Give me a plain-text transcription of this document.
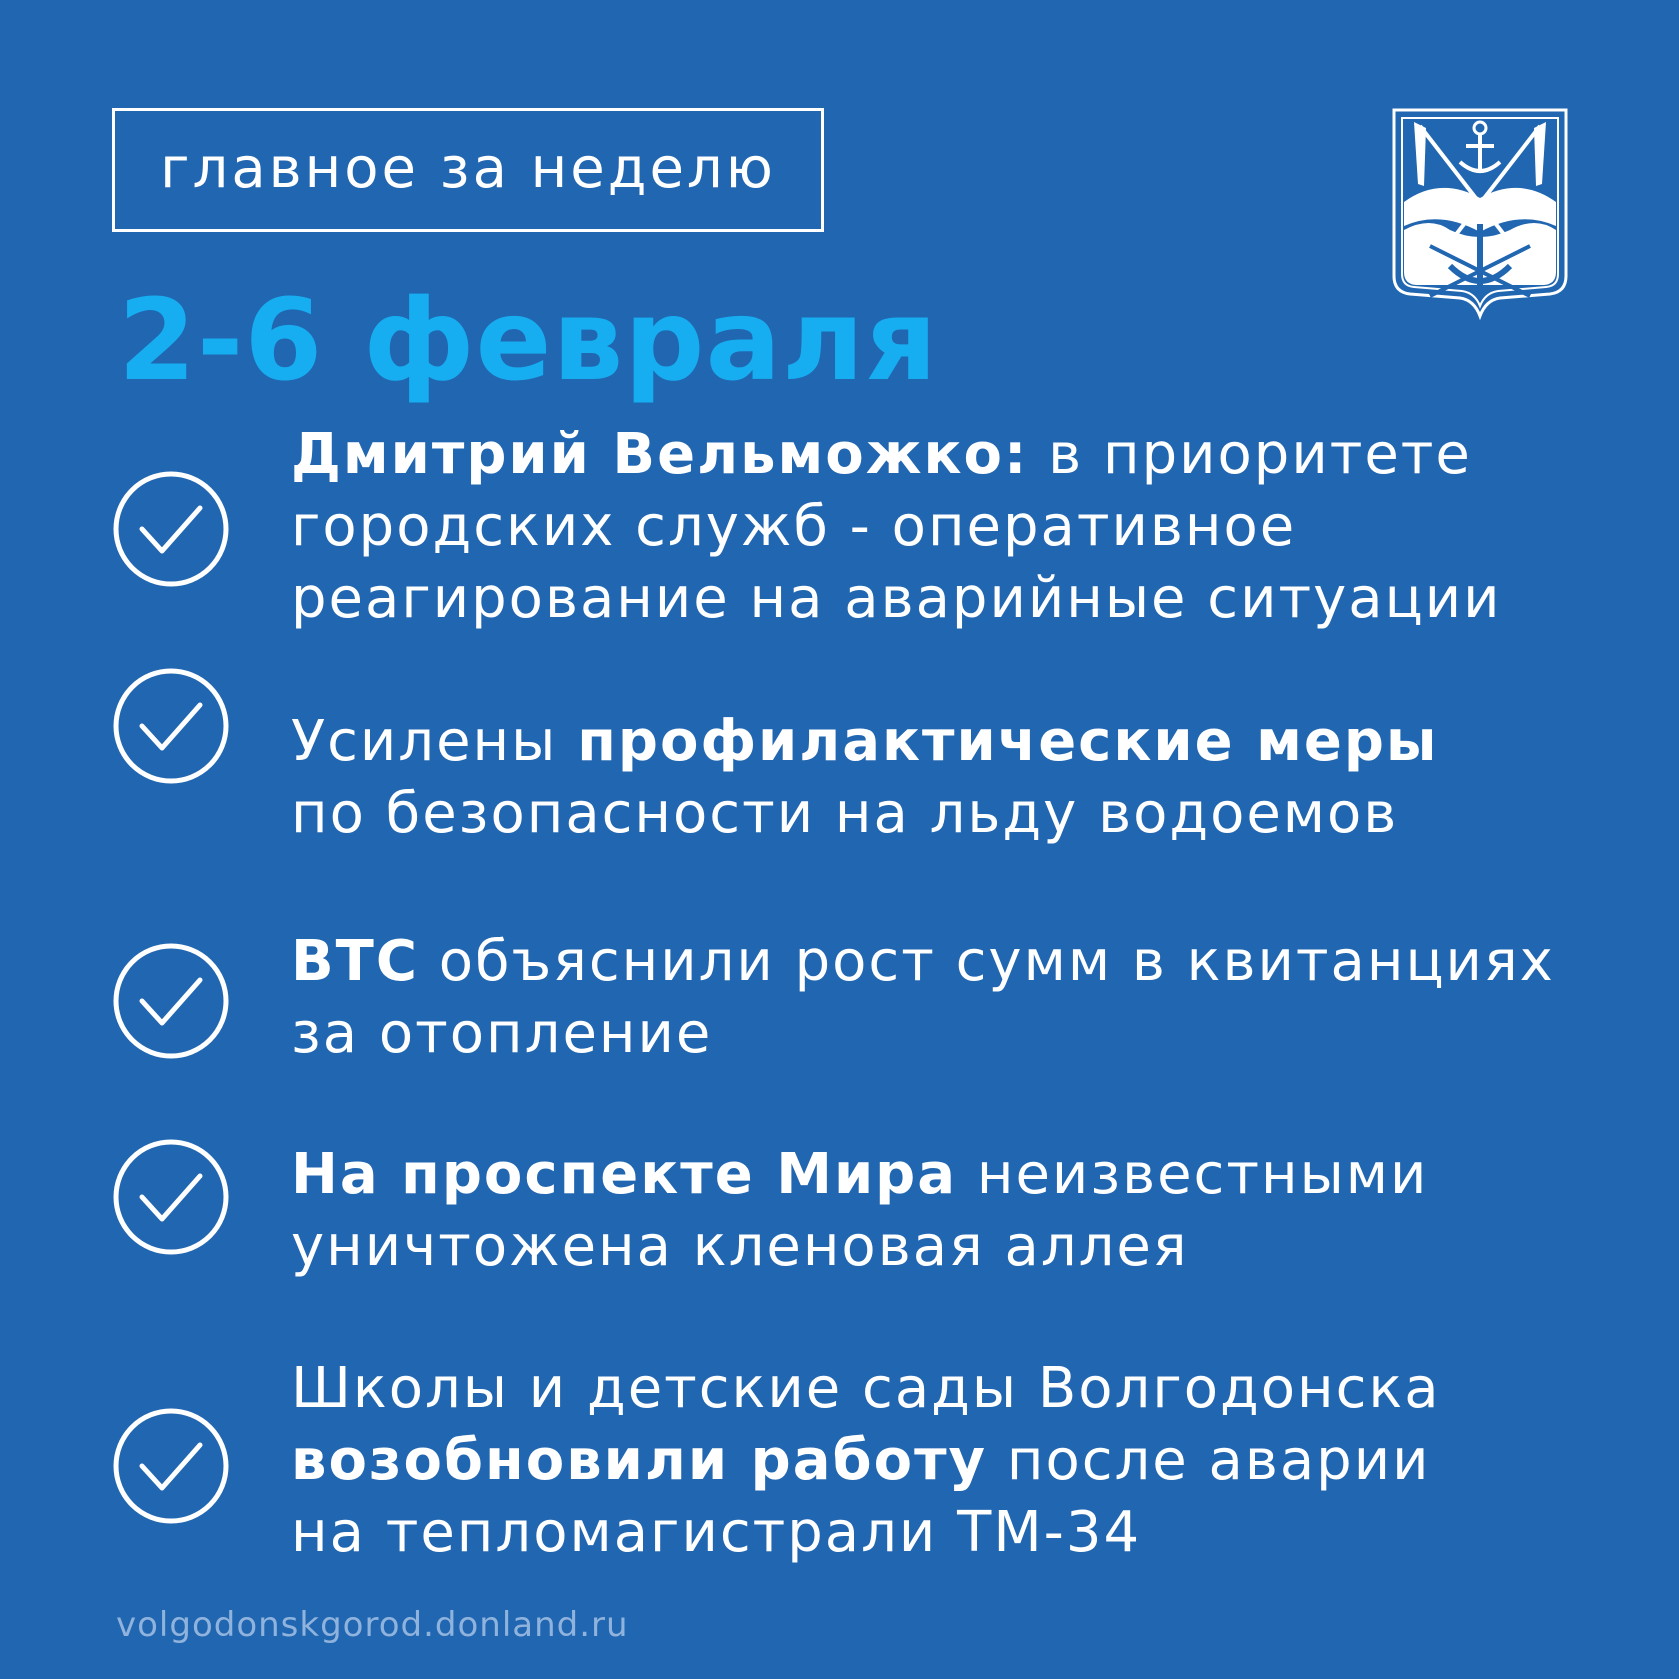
главное за неделю
2-6 февраля
Дмитрий Вельможко: в приоритете
городских служб - оперативное
реагирование на аварийные ситуации
Усилены профилактические меры
по безопасности на льду водоемов
ВТС объяснили рост сумм в квитанциях
за отопление
На проспекте Мира неизвестными
уничтожена кленовая аллея
Школы и детские сады Волгодонска
возобновили работу после аварии
на тепломагистрали ТМ-34
volgodonskgorod.donland.ru
